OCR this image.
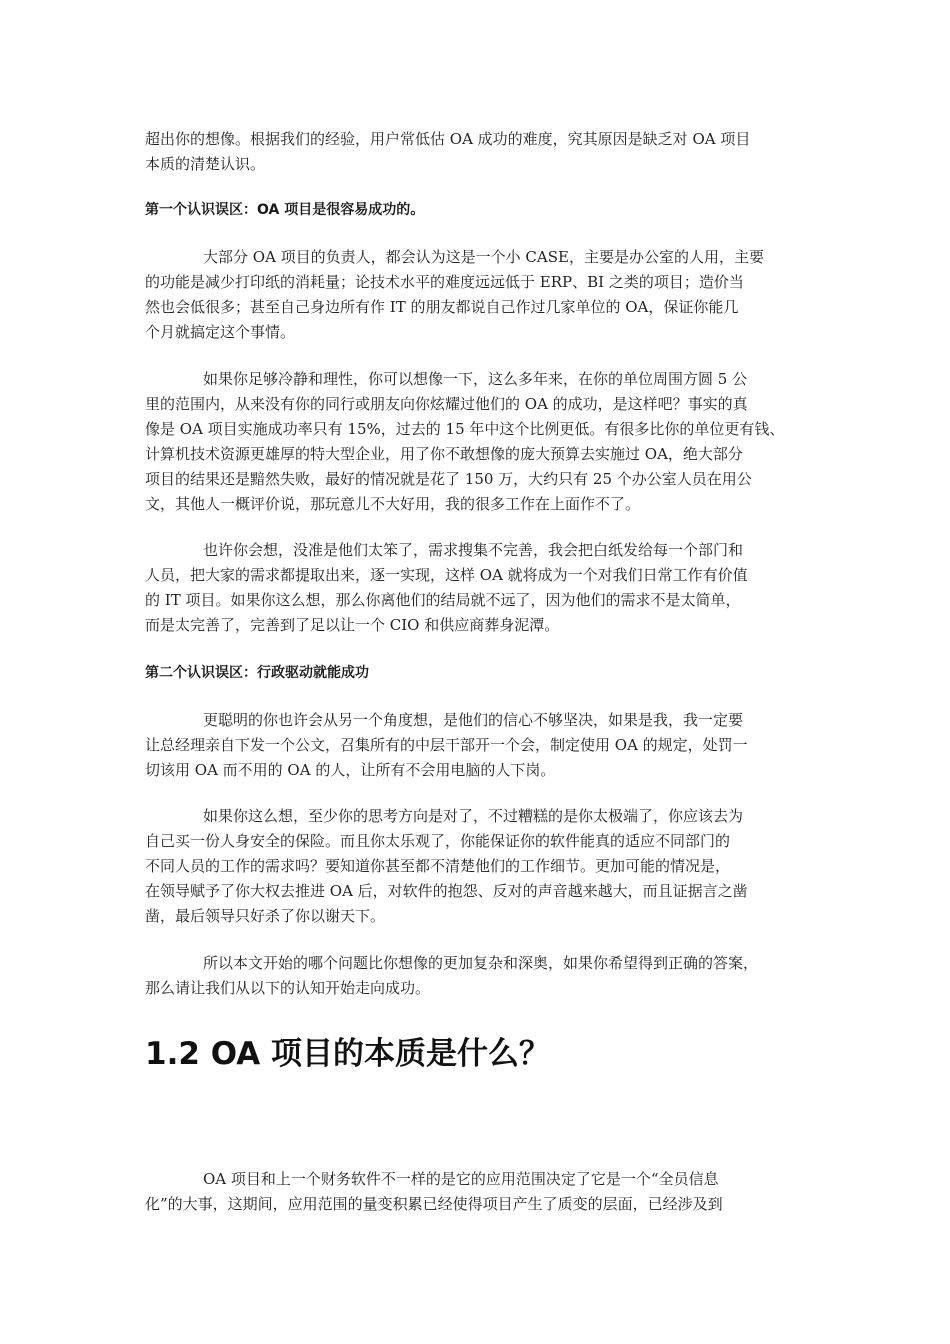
超出你的想像。根据我们的经验，用户常低估 OA 成功的难度，究其原因是缺乏对 OA 项目
本质的清楚认识。
第一个认识误区：OA 项目是很容易成功的。
大部分 OA 项目的负责人，都会认为这是一个小 CASE，主要是办公室的人用，主要
的功能是减少打印纸的消耗量；论技术水平的难度远远低于 ERP、BI 之类的项目；造价当
然也会低很多；甚至自己身边所有作 IT 的朋友都说自己作过几家单位的 OA，保证你能几
个月就搞定这个事情。
如果你足够冷静和理性，你可以想像一下，这么多年来，在你的单位周围方圆 5 公
里的范围内，从来没有你的同行或朋友向你炫耀过他们的 OA 的成功，是这样吧？事实的真
像是 OA 项目实施成功率只有 15%，过去的 15 年中这个比例更低。有很多比你的单位更有钱、
计算机技术资源更雄厚的特大型企业，用了你不敢想像的庞大预算去实施过 OA，绝大部分
项目的结果还是黯然失败，最好的情况就是花了 150 万，大约只有 25 个办公室人员在用公
文，其他人一概评价说，那玩意儿不大好用，我的很多工作在上面作不了。
也许你会想，没准是他们太笨了，需求搜集不完善，我会把白纸发给每一个部门和
人员，把大家的需求都提取出来，逐一实现，这样 OA 就将成为一个对我们日常工作有价值
的 IT 项目。如果你这么想，那么你离他们的结局就不远了，因为他们的需求不是太简单，
而是太完善了，完善到了足以让一个 CIO 和供应商葬身泥潭。
第二个认识误区：行政驱动就能成功
更聪明的你也许会从另一个角度想，是他们的信心不够坚决，如果是我，我一定要
让总经理亲自下发一个公文，召集所有的中层干部开一个会，制定使用 OA 的规定，处罚一
切该用 OA 而不用的 OA 的人，让所有不会用电脑的人下岗。
如果你这么想，至少你的思考方向是对了，不过糟糕的是你太极端了，你应该去为
自己买一份人身安全的保险。而且你太乐观了，你能保证你的软件能真的适应不同部门的
不同人员的工作的需求吗？要知道你甚至都不清楚他们的工作细节。更加可能的情况是，
在领导赋予了你大权去推进 OA 后，对软件的抱怨、反对的声音越来越大，而且证据言之凿
凿，最后领导只好杀了你以谢天下。
所以本文开始的哪个问题比你想像的更加复杂和深奥，如果你希望得到正确的答案，
那么请让我们从以下的认知开始走向成功。
1.2 OA 项目的本质是什么？
OA 项目和上一个财务软件不一样的是它的应用范围决定了它是一个“全员信息
化”的大事，这期间，应用范围的量变积累已经使得项目产生了质变的层面，已经涉及到
